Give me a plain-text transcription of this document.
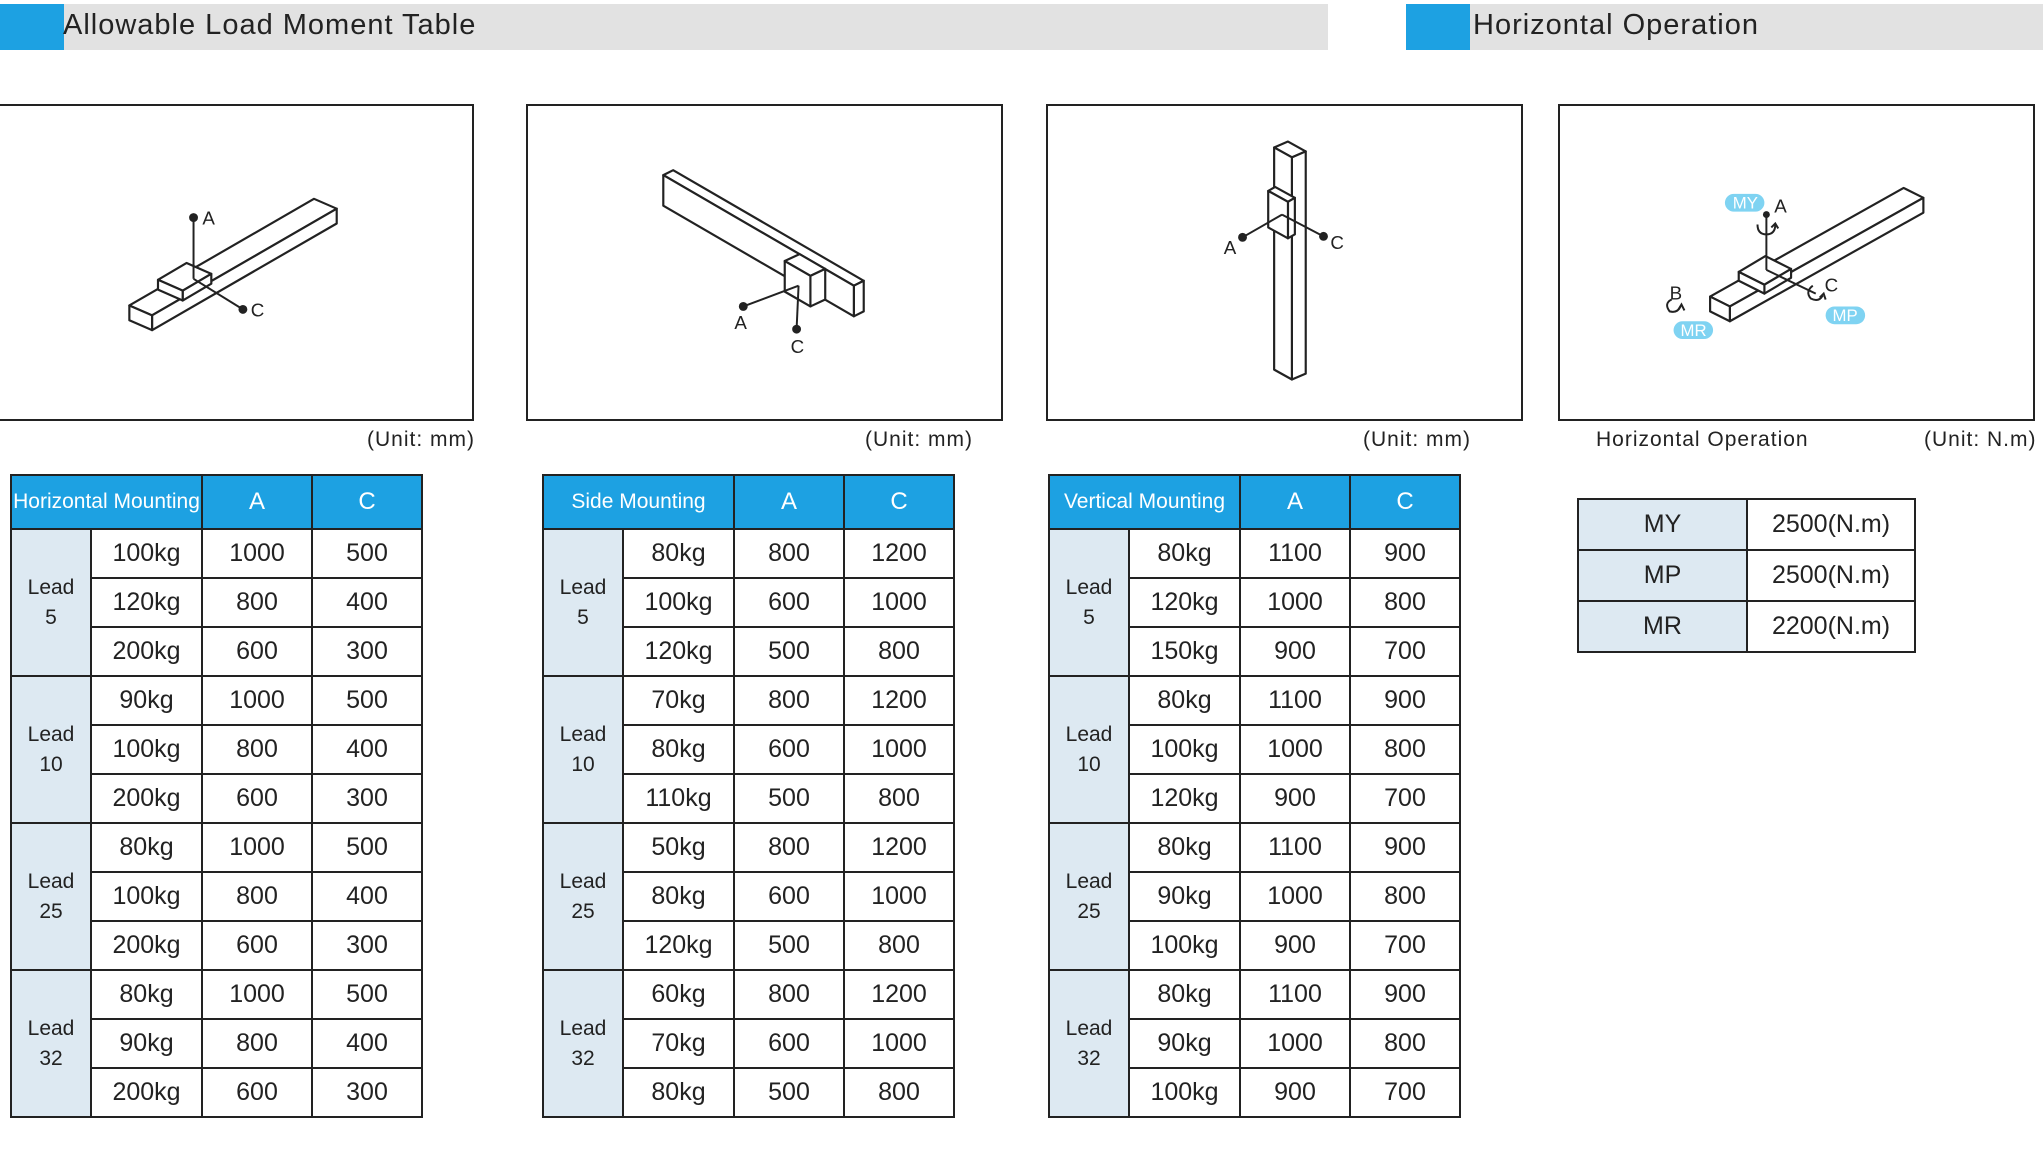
Allowable Load Moment Table	Horizontal Operation
A
C
(Unit: mm)
A
C
(Unit: mm)
A	C
(Unit: mm)
A
B	C
MY
MR
MP
Horizontal Operation	(Unit: N.m)
Horizontal Mounting		A	C
Lead
5	100kg	1000	500
	120kg	800	400
	200kg	600	300
Lead
10	90kg	1000	500
	100kg	800	400
	200kg	600	300
Lead
25	80kg	1000	500
	100kg	800	400
	200kg	600	300
Lead
32	80kg	1000	500
	90kg	800	400
	200kg	600	300
Side Mounting		A	C
Lead
5	80kg	800	1200
	100kg	600	1000
	120kg	500	800
Lead
10	70kg	800	1200
	80kg	600	1000
	110kg	500	800
Lead
25	50kg	800	1200
	80kg	600	1000
	120kg	500	800
Lead
32	60kg	800	1200
	70kg	600	1000
	80kg	500	800
Vertical Mounting		A	C
Lead
5	80kg	1100	900
	120kg	1000	800
	150kg	900	700
Lead
10	80kg	1100	900
	100kg	1000	800
	120kg	900	700
Lead
25	80kg	1100	900
	90kg	1000	800
	100kg	900	700
Lead
32	80kg	1100	900
	90kg	1000	800
	100kg	900	700
MY	2500(N.m)
MP	2500(N.m)
MR	2200(N.m)
